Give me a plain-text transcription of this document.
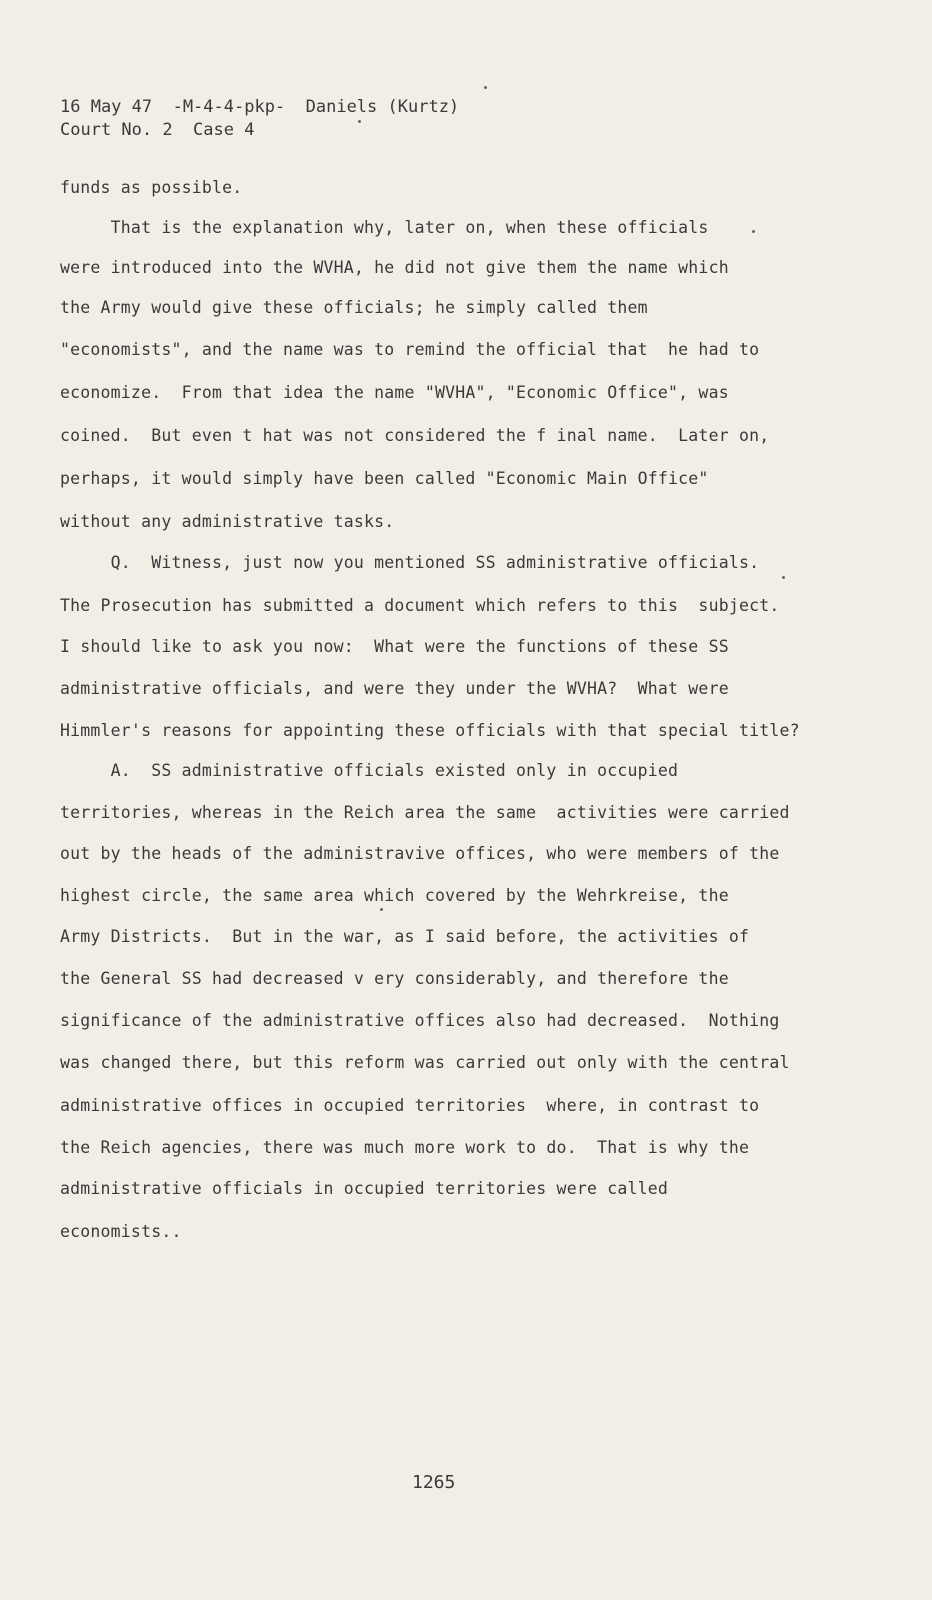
16 May 47  -M-4-4-pkp-  Daniels (Kurtz)
Court No. 2  Case 4
funds as possible.
That is the explanation why, later on, when these officials
were introduced into the WVHA, he did not give them the name which
the Army would give these officials; he simply called them
"economists", and the name was to remind the official that  he had to
economize.  From that idea the name "WVHA", "Economic Office", was
coined.  But even t hat was not considered the f inal name.  Later on,
perhaps, it would simply have been called "Economic Main Office"
without any administrative tasks.
Q.  Witness, just now you mentioned SS administrative officials.
The Prosecution has submitted a document which refers to this  subject.
I should like to ask you now:  What were the functions of these SS
administrative officials, and were they under the WVHA?  What were
Himmler's reasons for appointing these officials with that special title?
A.  SS administrative officials existed only in occupied
territories, whereas in the Reich area the same  activities were carried
out by the heads of the administravive offices, who were members of the
highest circle, the same area which covered by the Wehrkreise, the
Army Districts.  But in the war, as I said before, the activities of
the General SS had decreased v ery considerably, and therefore the
significance of the administrative offices also had decreased.  Nothing
was changed there, but this reform was carried out only with the central
administrative offices in occupied territories  where, in contrast to
the Reich agencies, there was much more work to do.  That is why the
administrative officials in occupied territories were called
economists..
1265
